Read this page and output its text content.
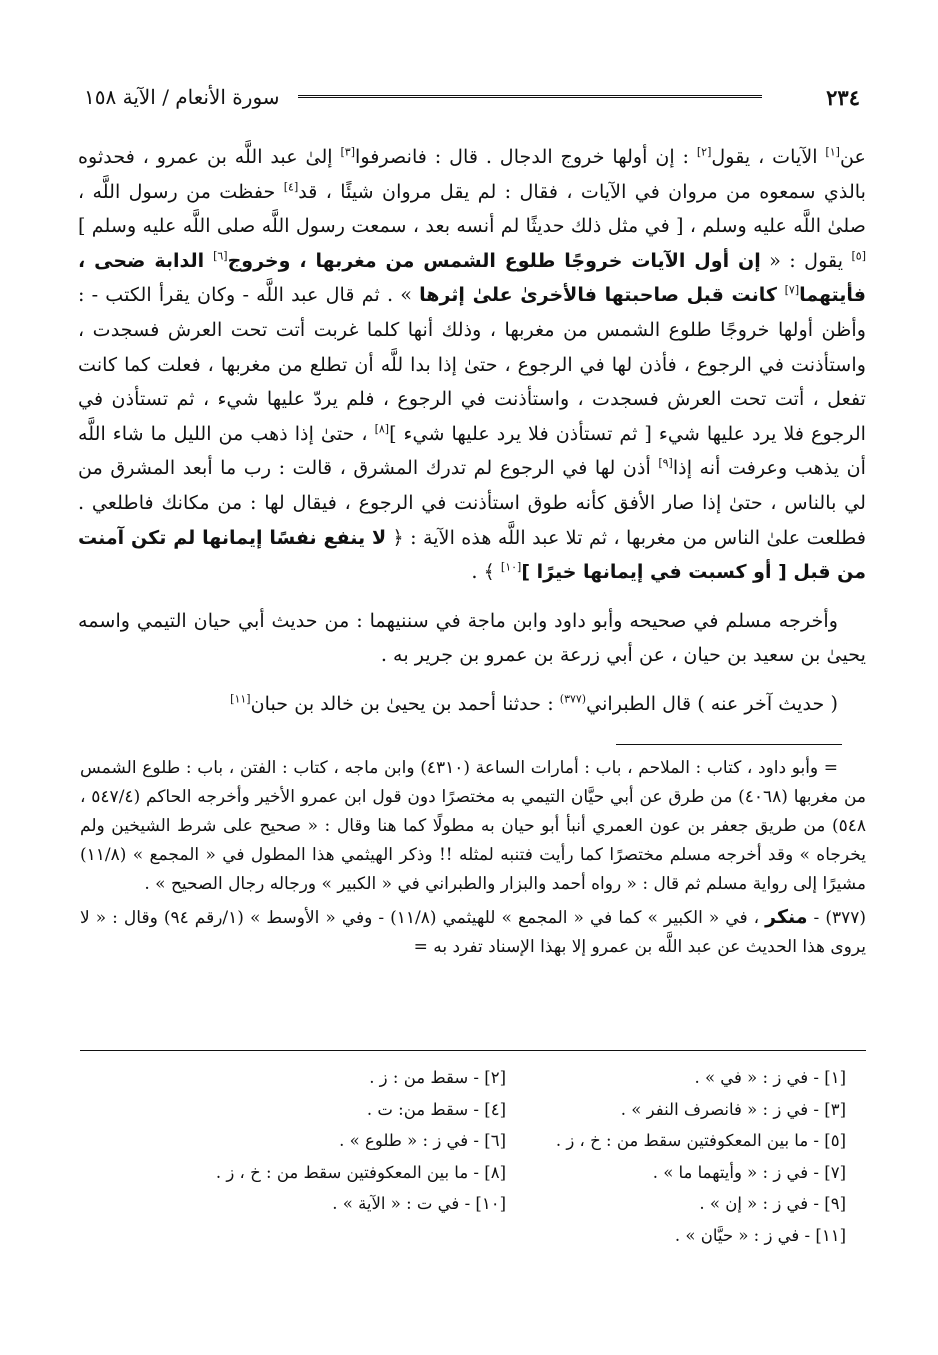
٢٣٤
سورة الأنعام / الآية ١٥٨

عن[١] الآيات ، يقول[٢] : إن أولها خروج الدجال . قال : فانصرفوا[٣] إلىٰ عبد اللَّه بن عمرو ، فحدثوه بالذي سمعوه من مروان في الآيات ، فقال : لم يقل مروان شيئًا ، قد[٤] حفظت من رسول اللَّه ، صلىٰ اللَّه عليه وسلم ، [ في مثل ذلك حديثًا لم أنسه بعد ، سمعت رسول اللَّه صلى اللَّه عليه وسلم ][٥] يقول : « إن أول الآيات خروجًا طلوع الشمس من مغربها ، وخروج[٦] الدابة ضحى ، فأيتهما[٧] كانت قبل صاحبتها فالأخرىٰ علىٰ إثرها » . ثم قال عبد اللَّه - وكان يقرأ الكتب - : وأظن أولها خروجًا طلوع الشمس من مغربها ، وذلك أنها كلما غربت أتت تحت العرش فسجدت ، واستأذنت في الرجوع ، فأذن لها في الرجوع ، حتىٰ إذا بدا للَّه أن تطلع من مغربها ، فعلت كما كانت تفعل ، أتت تحت العرش فسجدت ، واستأذنت في الرجوع ، فلم يردّ عليها شيء ، ثم تستأذن في الرجوع فلا يرد عليها شيء [ ثم تستأذن فلا يرد عليها شيء ][٨] ، حتىٰ إذا ذهب من الليل ما شاء اللَّه أن يذهب وعرفت أنه إذا[٩] أذن لها في الرجوع لم تدرك المشرق ، قالت : رب ما أبعد المشرق من لي بالناس ، حتىٰ إذا صار الأفق كأنه طوق استأذنت في الرجوع ، فيقال لها : من مكانك فاطلعي . فطلعت علىٰ الناس من مغربها ، ثم تلا عبد اللَّه هذه الآية : ﴿ لا ينفع نفسًا إيمانها لم تكن آمنت من قبل [ أو كسبت في إيمانها خيرًا ][١٠] ﴾ .

وأخرجه مسلم في صحيحه وأبو داود وابن ماجة في سننيهما : من حديث أبي حيان التيمي واسمه يحيىٰ بن سعيد بن حيان ، عن أبي زرعة بن عمرو بن جرير به .

( حديث آخر عنه ) قال الطبراني$^{(٣٧٧)}$ : حدثنا أحمد بن يحيىٰ بن خالد بن حبان[١١]

= وأبو داود ، كتاب : الملاحم ، باب : أمارات الساعة (٤٣١٠) وابن ماجه ، كتاب : الفتن ، باب : طلوع الشمس من مغربها (٤٠٦٨) من طرق عن أبي حيَّان التيمي به مختصرًا دون قول ابن عمرو الأخير وأخرجه الحاكم (٥٤٧/٤ ، ٥٤٨) من طريق جعفر بن عون العمري أنبأ أبو حيان به مطولًا كما هنا وقال : « صحيح على شرط الشيخين ولم يخرجاه » وقد أخرجه مسلم مختصرًا كما رأيت فتنبه لمثله !! وذكر الهيثمي هذا المطول في « المجمع » (١١/٨) مشيرًا إلى رواية مسلم ثم قال : « رواه أحمد والبزار والطبراني في « الكبير » ورجاله رجال الصحيح » .

(٣٧٧) - منكر ، في « الكبير » كما في « المجمع » للهيثمي (١١/٨) - وفي « الأوسط » (١/رقم ٩٤) وقال : « لا يروى هذا الحديث عن عبد اللَّه بن عمرو إلا بهذا الإسناد تفرد به =

[١] - في ز : « في » .
[٣] - في ز : « فانصرف النفر » .
[٥] - ما بين المعكوفتين سقط من : خ ، ز .
[٧] - في ز : « وأيتهما ما » .
[٩] - في ز : « إن » .
[١١] - في ز : « حيَّان » .
[٢] - سقط من : ز .
[٤] - سقط من: ت .
[٦] - في ز : « طلوع » .
[٨] - ما بين المعكوفتين سقط من : خ ، ز .
[١٠] - في ت : « الآية » .
